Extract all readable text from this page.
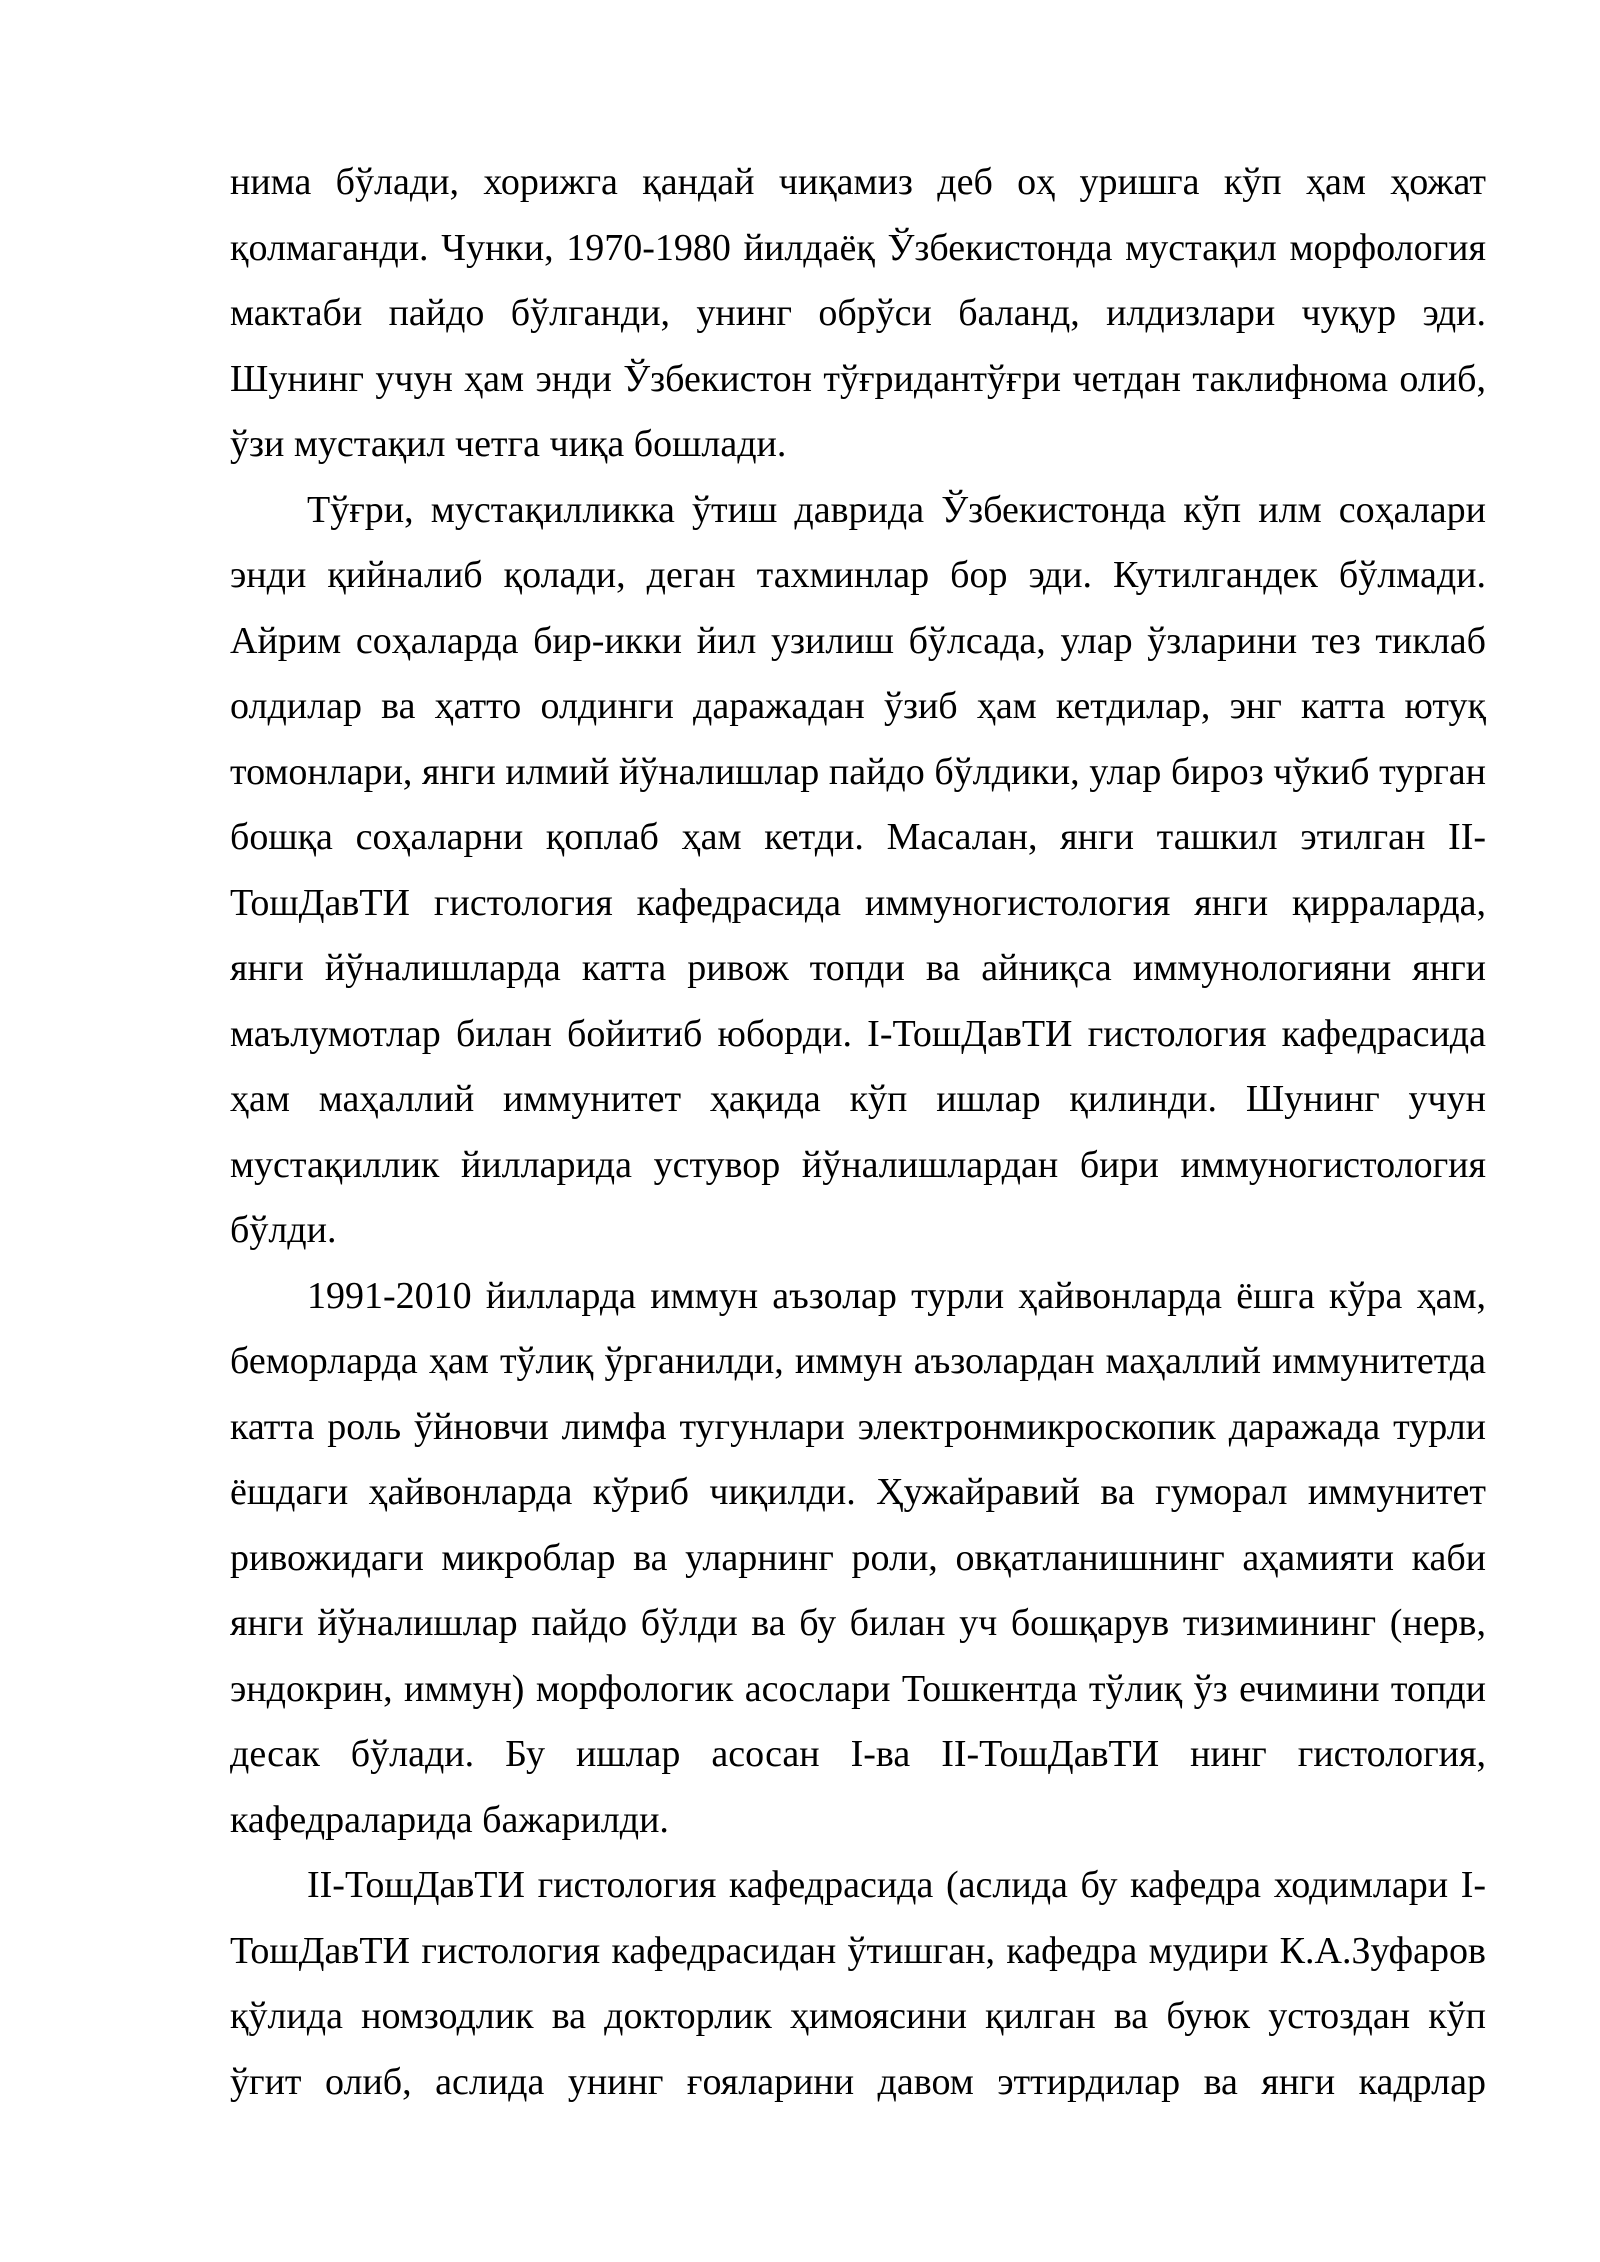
нима бўлади, хорижга қандай чиқамиз деб оҳ уришга кўп ҳам ҳожат
қолмаганди. Чунки, 1970-1980 йилдаёқ Ўзбекистонда мустақил морфология
мактаби пайдо бўлганди, унинг обрўси баланд, илдизлари чуқур эди.
Шунинг учун ҳам энди Ўзбекистон тўғридантўғри четдан таклифнома олиб,
ўзи мустақил четга чиқа бошлади.
Тўғри, мустақилликка ўтиш даврида Ўзбекистонда кўп илм соҳалари
энди қийналиб қолади, деган тахминлар бор эди. Кутилгандек бўлмади.
Айрим соҳаларда бир-икки йил узилиш бўлсада, улар ўзларини тез тиклаб
олдилар ва ҳатто олдинги даражадан ўзиб ҳам кетдилар, энг катта ютуқ
томонлари, янги илмий йўналишлар пайдо бўлдики, улар бироз чўкиб турган
бошқа соҳаларни қоплаб ҳам кетди. Масалан, янги ташкил этилган II-
ТошДавТИ гистология кафедрасида иммуногистология янги қирраларда,
янги йўналишларда катта ривож топди ва айниқса иммунологияни янги
маълумотлар билан бойитиб юборди. I-ТошДавТИ гистология кафедрасида
ҳам маҳаллий иммунитет ҳақида кўп ишлар қилинди. Шунинг учун
мустақиллик йилларида устувор йўналишлардан бири иммуногистология
бўлди.
1991-2010 йилларда иммун аъзолар турли ҳайвонларда ёшга кўра ҳам,
беморларда ҳам тўлиқ ўрганилди, иммун аъзолардан маҳаллий иммунитетда
катта роль ўйновчи лимфа тугунлари электронмикроскопик даражада турли
ёшдаги ҳайвонларда кўриб чиқилди. Ҳужайравий ва гуморал иммунитет
ривожидаги микроблар ва уларнинг роли, овқатланишнинг аҳамияти каби
янги йўналишлар пайдо бўлди ва бу билан уч бошқарув тизимининг (нерв,
эндокрин, иммун) морфологик асослари Тошкентда тўлиқ ўз ечимини топди
десак бўлади. Бу ишлар асосан I-ва II-ТошДавТИ нинг гистология,
кафедраларида бажарилди.
II-ТошДавТИ гистология кафедрасида (аслида бу кафедра ходимлари I-
ТошДавТИ гистология кафедрасидан ўтишган, кафедра мудири К.А.Зуфаров
қўлида номзодлик ва докторлик ҳимоясини қилган ва буюк устоздан кўп
ўгит олиб, аслида унинг ғояларини давом эттирдилар ва янги кадрлар
